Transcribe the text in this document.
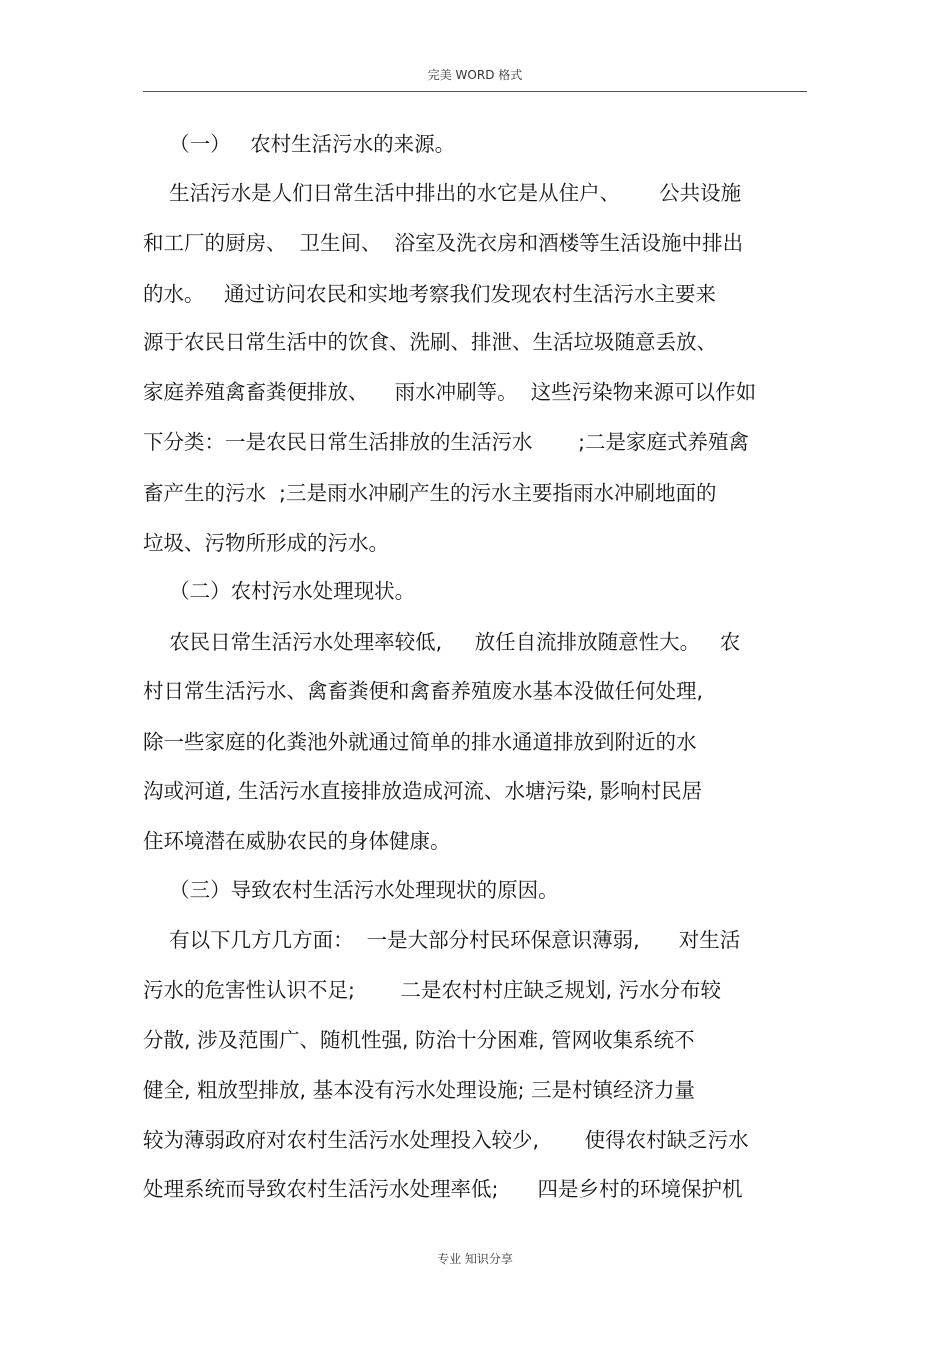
完美 WORD 格式
（一）   农村生活污水的来源。
生活污水是人们日常生活中排出的水它是从住户、      公共设施
和工厂的厨房、  卫生间、  浴室及洗衣房和酒楼等生活设施中排出
的水。   通过访问农民和实地考察我们发现农村生活污水主要来
源于农民日常生活中的饮食、洗刷、排泄、生活垃圾随意丢放、
家庭养殖禽畜粪便排放、    雨水冲刷等。  这些污染物来源可以作如
下分类：一是农民日常生活排放的生活污水       ;二是家庭式养殖禽
畜产生的污水  ;三是雨水冲刷产生的污水主要指雨水冲刷地面的
垃圾、污物所形成的污水。
（二）农村污水处理现状。
农民日常生活污水处理率较低,     放任自流排放随意性大。   农
村日常生活污水、禽畜粪便和禽畜养殖废水基本没做任何处理,
除一些家庭的化粪池外就通过简单的排水通道排放到附近的水
沟或河道, 生活污水直接排放造成河流、水塘污染, 影响村民居
住环境潜在威胁农民的身体健康。
（三）导致农村生活污水处理现状的原因。
有以下几方几方面：  一是大部分村民环保意识薄弱,      对生活
污水的危害性认识不足;       二是农村村庄缺乏规划, 污水分布较
分散, 涉及范围广、随机性强, 防治十分困难, 管网收集系统不
健全, 粗放型排放, 基本没有污水处理设施; 三是村镇经济力量
较为薄弱政府对农村生活污水处理投入较少,       使得农村缺乏污水
处理系统而导致农村生活污水处理率低;      四是乡村的环境保护机
专业 知识分享
